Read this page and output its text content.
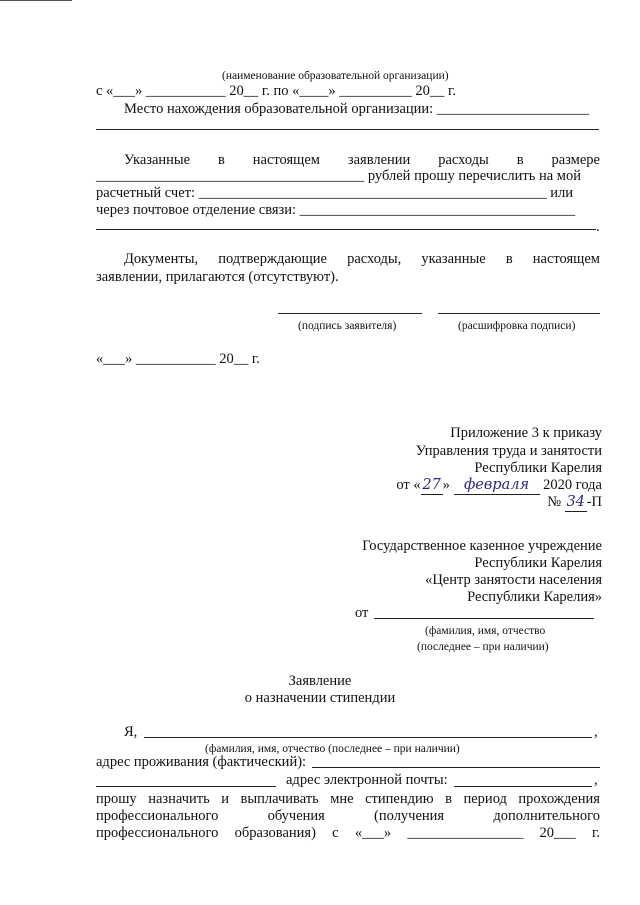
(наименование образовательной организации)
с «___» ___________ 20__ г. по «____» __________ 20__ г.
Место нахождения образовательной организации: _____________________
Указанные в настоящем заявлении расходы в размере
_____________________________________ рублей прошу перечислить на мой
расчетный счет: ________________________________________________ или
через почтовое отделение связи: ______________________________________
.
Документы, подтверждающие расходы, указанные в настоящем
заявлении, прилагаются (отсутствуют).
(подпись заявителя)	(расшифровка подписи)
«___» ___________ 20__ г.
Приложение 3 к приказу
Управления труда и занятости
Республики Карелия
от « 27 » февраля 2020 года
№ 34 -П
Государственное казенное учреждение
Республики Карелия
«Центр занятости населения
Республики Карелия»
от
(фамилия, имя, отчество
(последнее – при наличии)
Заявление
о назначении стипендии
Я,	,
(фамилия, имя, отчество (последнее – при наличии)
адрес проживания (фактический):
адрес электронной почты:	,
прошу назначить и выплачивать мне стипендию в период прохождения
профессионального	обучения	(получения	дополнительного
профессионального образования) с «___» ________________ 20___ г.
